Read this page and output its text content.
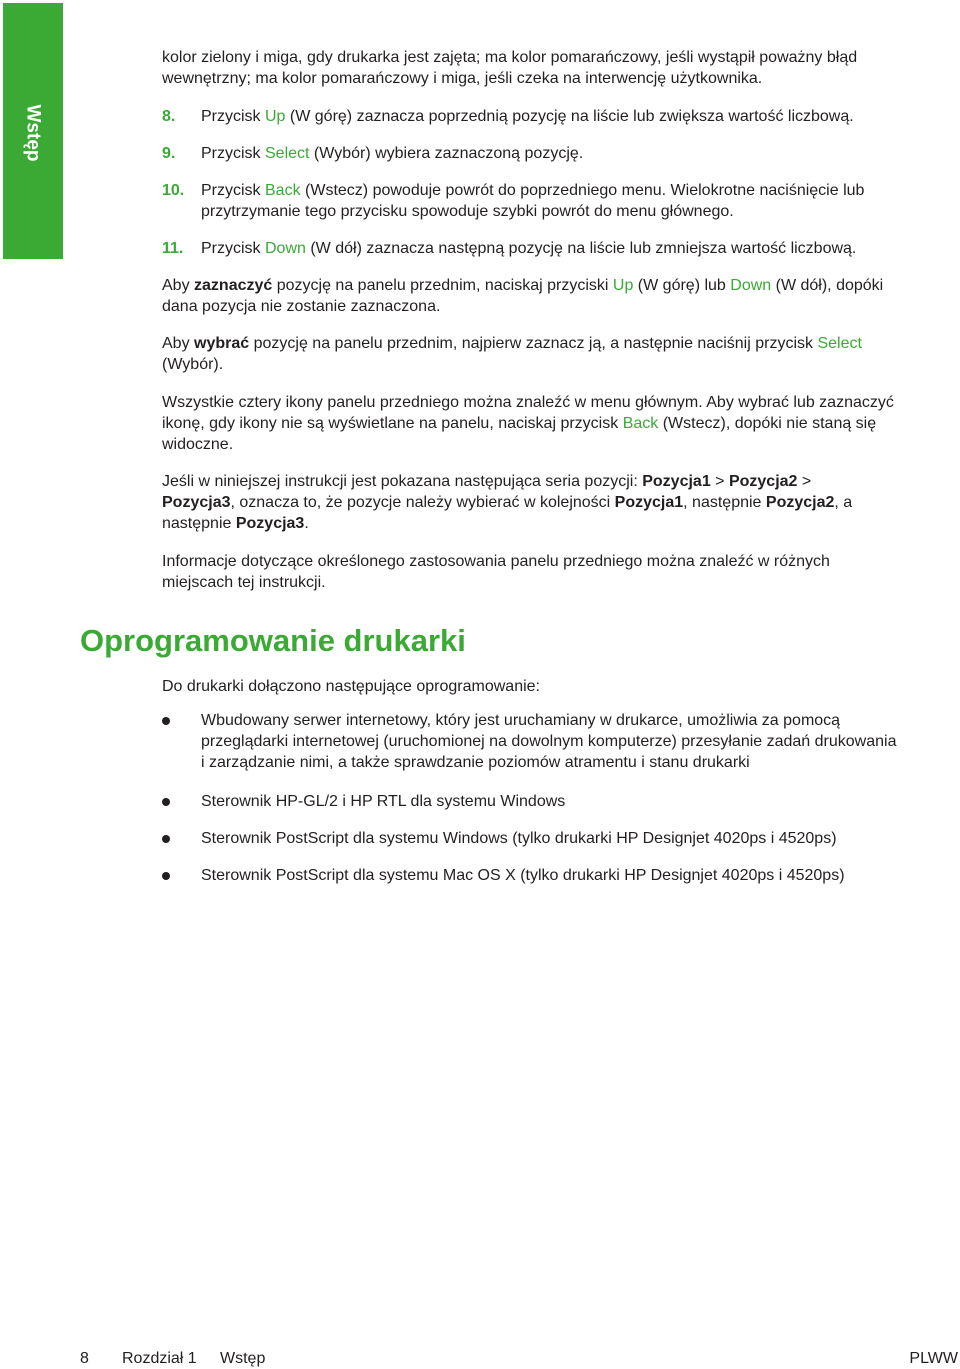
Wstęp

kolor zielony i miga, gdy drukarka jest zajęta; ma kolor pomarańczowy, jeśli wystąpił poważny błąd
wewnętrzny; ma kolor pomarańczowy i miga, jeśli czeka na interwencję użytkownika.

8. Przycisk Up (W górę) zaznacza poprzednią pozycję na liście lub zwiększa wartość liczbową.

9. Przycisk Select (Wybór) wybiera zaznaczoną pozycję.

10. Przycisk Back (Wstecz) powoduje powrót do poprzedniego menu. Wielokrotne naciśnięcie lub
przytrzymanie tego przycisku spowoduje szybki powrót do menu głównego.

11. Przycisk Down (W dół) zaznacza następną pozycję na liście lub zmniejsza wartość liczbową.

Aby zaznaczyć pozycję na panelu przednim, naciskaj przyciski Up (W górę) lub Down (W dół), dopóki
dana pozycja nie zostanie zaznaczona.

Aby wybrać pozycję na panelu przednim, najpierw zaznacz ją, a następnie naciśnij przycisk Select
(Wybór).

Wszystkie cztery ikony panelu przedniego można znaleźć w menu głównym. Aby wybrać lub zaznaczyć
ikonę, gdy ikony nie są wyświetlane na panelu, naciskaj przycisk Back (Wstecz), dopóki nie staną się
widoczne.

Jeśli w niniejszej instrukcji jest pokazana następująca seria pozycji: Pozycja1 > Pozycja2 >
Pozycja3, oznacza to, że pozycje należy wybierać w kolejności Pozycja1, następnie Pozycja2, a
następnie Pozycja3.

Informacje dotyczące określonego zastosowania panelu przedniego można znaleźć w różnych
miejscach tej instrukcji.

Oprogramowanie drukarki

Do drukarki dołączono następujące oprogramowanie:

Wbudowany serwer internetowy, który jest uruchamiany w drukarce, umożliwia za pomocą
przeglądarki internetowej (uruchomionej na dowolnym komputerze) przesyłanie zadań drukowania
i zarządzanie nimi, a także sprawdzanie poziomów atramentu i stanu drukarki

Sterownik HP-GL/2 i HP RTL dla systemu Windows

Sterownik PostScript dla systemu Windows (tylko drukarki HP Designjet 4020ps i 4520ps)

Sterownik PostScript dla systemu Mac OS X (tylko drukarki HP Designjet 4020ps i 4520ps)

8 Rozdział 1 Wstęp	PLWW
